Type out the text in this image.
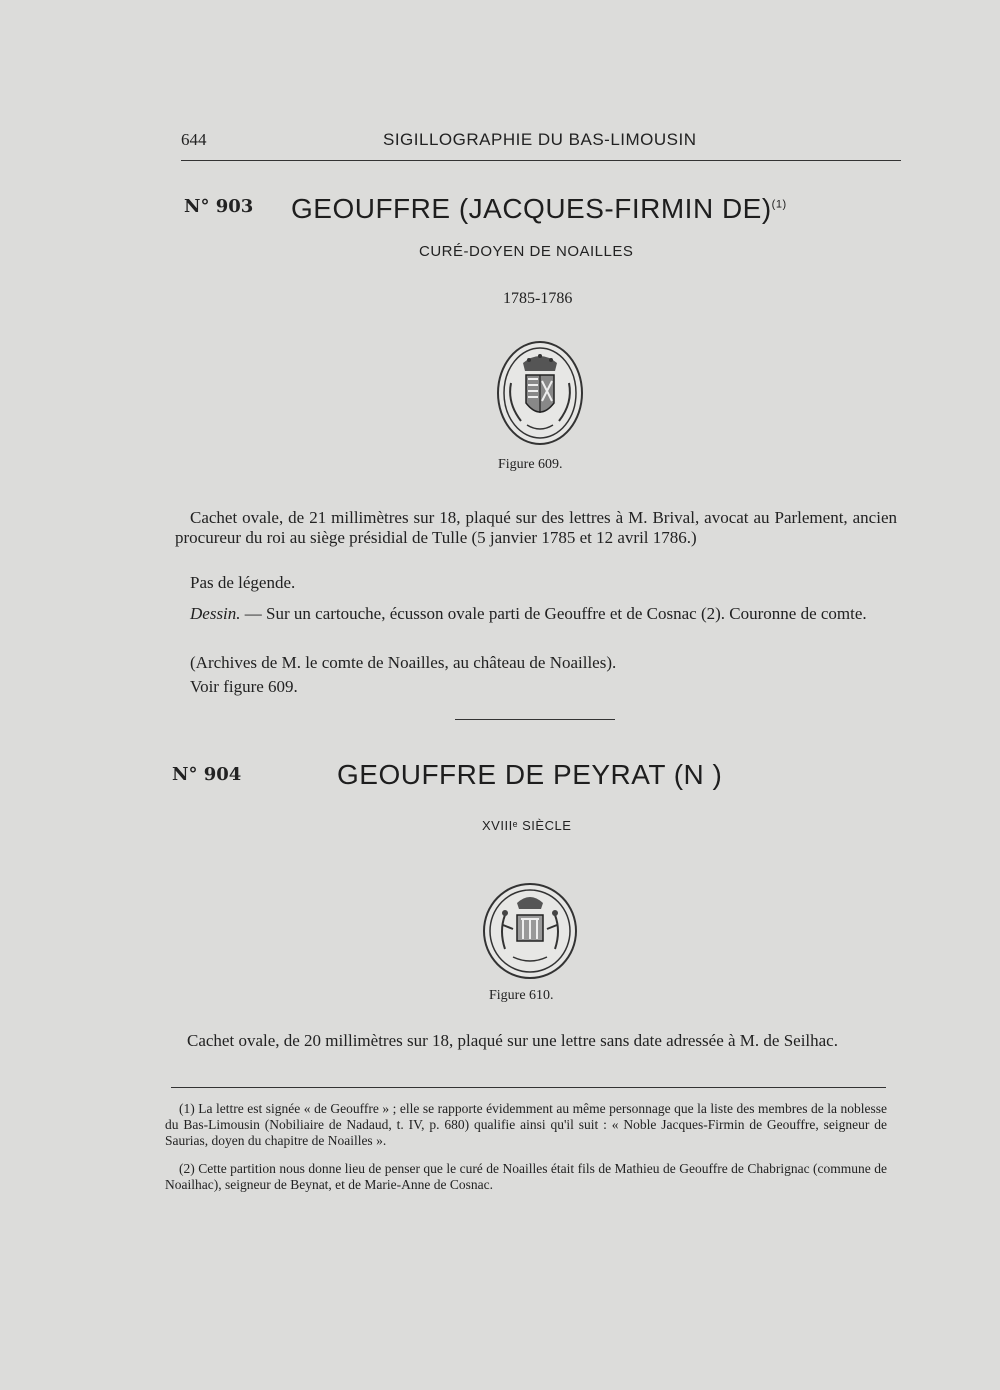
644	SIGILLOGRAPHIE DU BAS-LIMOUSIN
N° 903 GEOUFFRE (JACQUES-FIRMIN DE)$^{(1)}$
CURÉ-DOYEN DE NOAILLES
1785-1786
Figure 609.
Cachet ovale, de 21 millimètres sur 18, plaqué sur des lettres à M. Brival, avocat au Parlement, ancien procureur du roi au siège présidial de Tulle (5 janvier 1785 et 12 avril 1786.)
Pas de légende.
Dessin. — Sur un cartouche, écusson ovale parti de Geouffre et de Cosnac (2). Couronne de comte.
(Archives de M. le comte de Noailles, au château de Noailles).
Voir figure 609.
N° 904	GEOUFFRE DE PEYRAT (N )
XVIIIᵉ SIÈCLE
Figure 610.
Cachet ovale, de 20 millimètres sur 18, plaqué sur une lettre sans date adressée à M. de Seilhac.
(1) La lettre est signée « de Geouffre » ; elle se rapporte évidemment au même personnage que la liste des membres de la noblesse du Bas-Limousin (Nobiliaire de Nadaud, t. IV, p. 680) qualifie ainsi qu'il suit : « Noble Jacques-Firmin de Geouffre, seigneur de Saurias, doyen du chapitre de Noailles ».
(2) Cette partition nous donne lieu de penser que le curé de Noailles était fils de Mathieu de Geouffre de Chabrignac (commune de Noailhac), seigneur de Beynat, et de Marie-Anne de Cosnac.
